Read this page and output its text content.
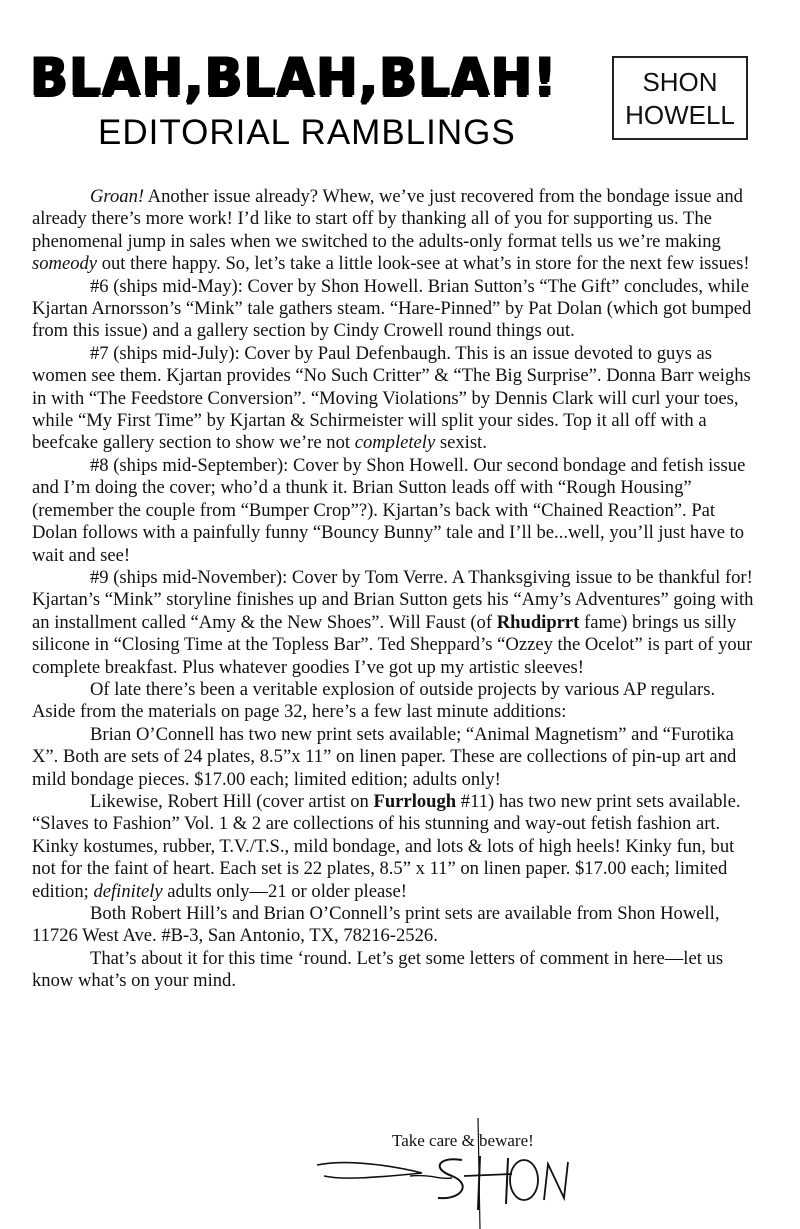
BLAH,BLAH,BLAH!
EDITORIAL RAMBLINGS
SHON
HOWELL

Groan! Another issue already? Whew, we’ve just recovered from the bondage issue and already there’s more work! I’d like to start off by thanking all of you for supporting us. The phenomenal jump in sales when we switched to the adults-only format tells us we’re making someody out there happy. So, let’s take a little look-see at what’s in store for the next few issues!

#6 (ships mid-May): Cover by Shon Howell. Brian Sutton’s “The Gift” concludes, while Kjartan Arnorsson’s “Mink” tale gathers steam. “Hare-Pinned” by Pat Dolan (which got bumped from this issue) and a gallery section by Cindy Crowell round things out.

#7 (ships mid-July): Cover by Paul Defenbaugh. This is an issue devoted to guys as women see them. Kjartan provides “No Such Critter” & “The Big Surprise”. Donna Barr weighs in with “The Feedstore Conversion”. “Moving Violations” by Dennis Clark will curl your toes, while “My First Time” by Kjartan & Schirmeister will split your sides. Top it all off with a beefcake gallery section to show we’re not completely sexist.

#8 (ships mid-September): Cover by Shon Howell. Our second bondage and fetish issue and I’m doing the cover; who’d a thunk it. Brian Sutton leads off with “Rough Housing” (remember the couple from “Bumper Crop”?). Kjartan’s back with “Chained Reaction”. Pat Dolan follows with a painfully funny “Bouncy Bunny” tale and I’ll be...well, you’ll just have to wait and see!

#9 (ships mid-November): Cover by Tom Verre. A Thanksgiving issue to be thankful for! Kjartan’s “Mink” storyline finishes up and Brian Sutton gets his “Amy’s Adventures” going with an installment called “Amy & the New Shoes”. Will Faust (of Rhudiprrt fame) brings us silly silicone in “Closing Time at the Topless Bar”. Ted Sheppard’s “Ozzey the Ocelot” is part of your complete breakfast. Plus whatever goodies I’ve got up my artistic sleeves!

Of late there’s been a veritable explosion of outside projects by various AP regulars. Aside from the materials on page 32, here’s a few last minute additions:

Brian O’Connell has two new print sets available; “Animal Magnetism” and “Furotika X”. Both are sets of 24 plates, 8.5”x 11” on linen paper. These are collections of pin-up art and mild bondage pieces. $17.00 each; limited edition; adults only!

Likewise, Robert Hill (cover artist on Furrlough #11) has two new print sets available. “Slaves to Fashion” Vol. 1 & 2 are collections of his stunning and way-out fetish fashion art. Kinky kostumes, rubber, T.V./T.S., mild bondage, and lots & lots of high heels! Kinky fun, but not for the faint of heart. Each set is 22 plates, 8.5” x 11” on linen paper. $17.00 each; limited edition; definitely adults only—21 or older please!

Both Robert Hill’s and Brian O’Connell’s print sets are available from Shon Howell, 11726 West Ave. #B-3, San Antonio, TX, 78216-2526.

That’s about it for this time ‘round. Let’s get some letters of comment in here—let us know what’s on your mind.

Take care & beware!
